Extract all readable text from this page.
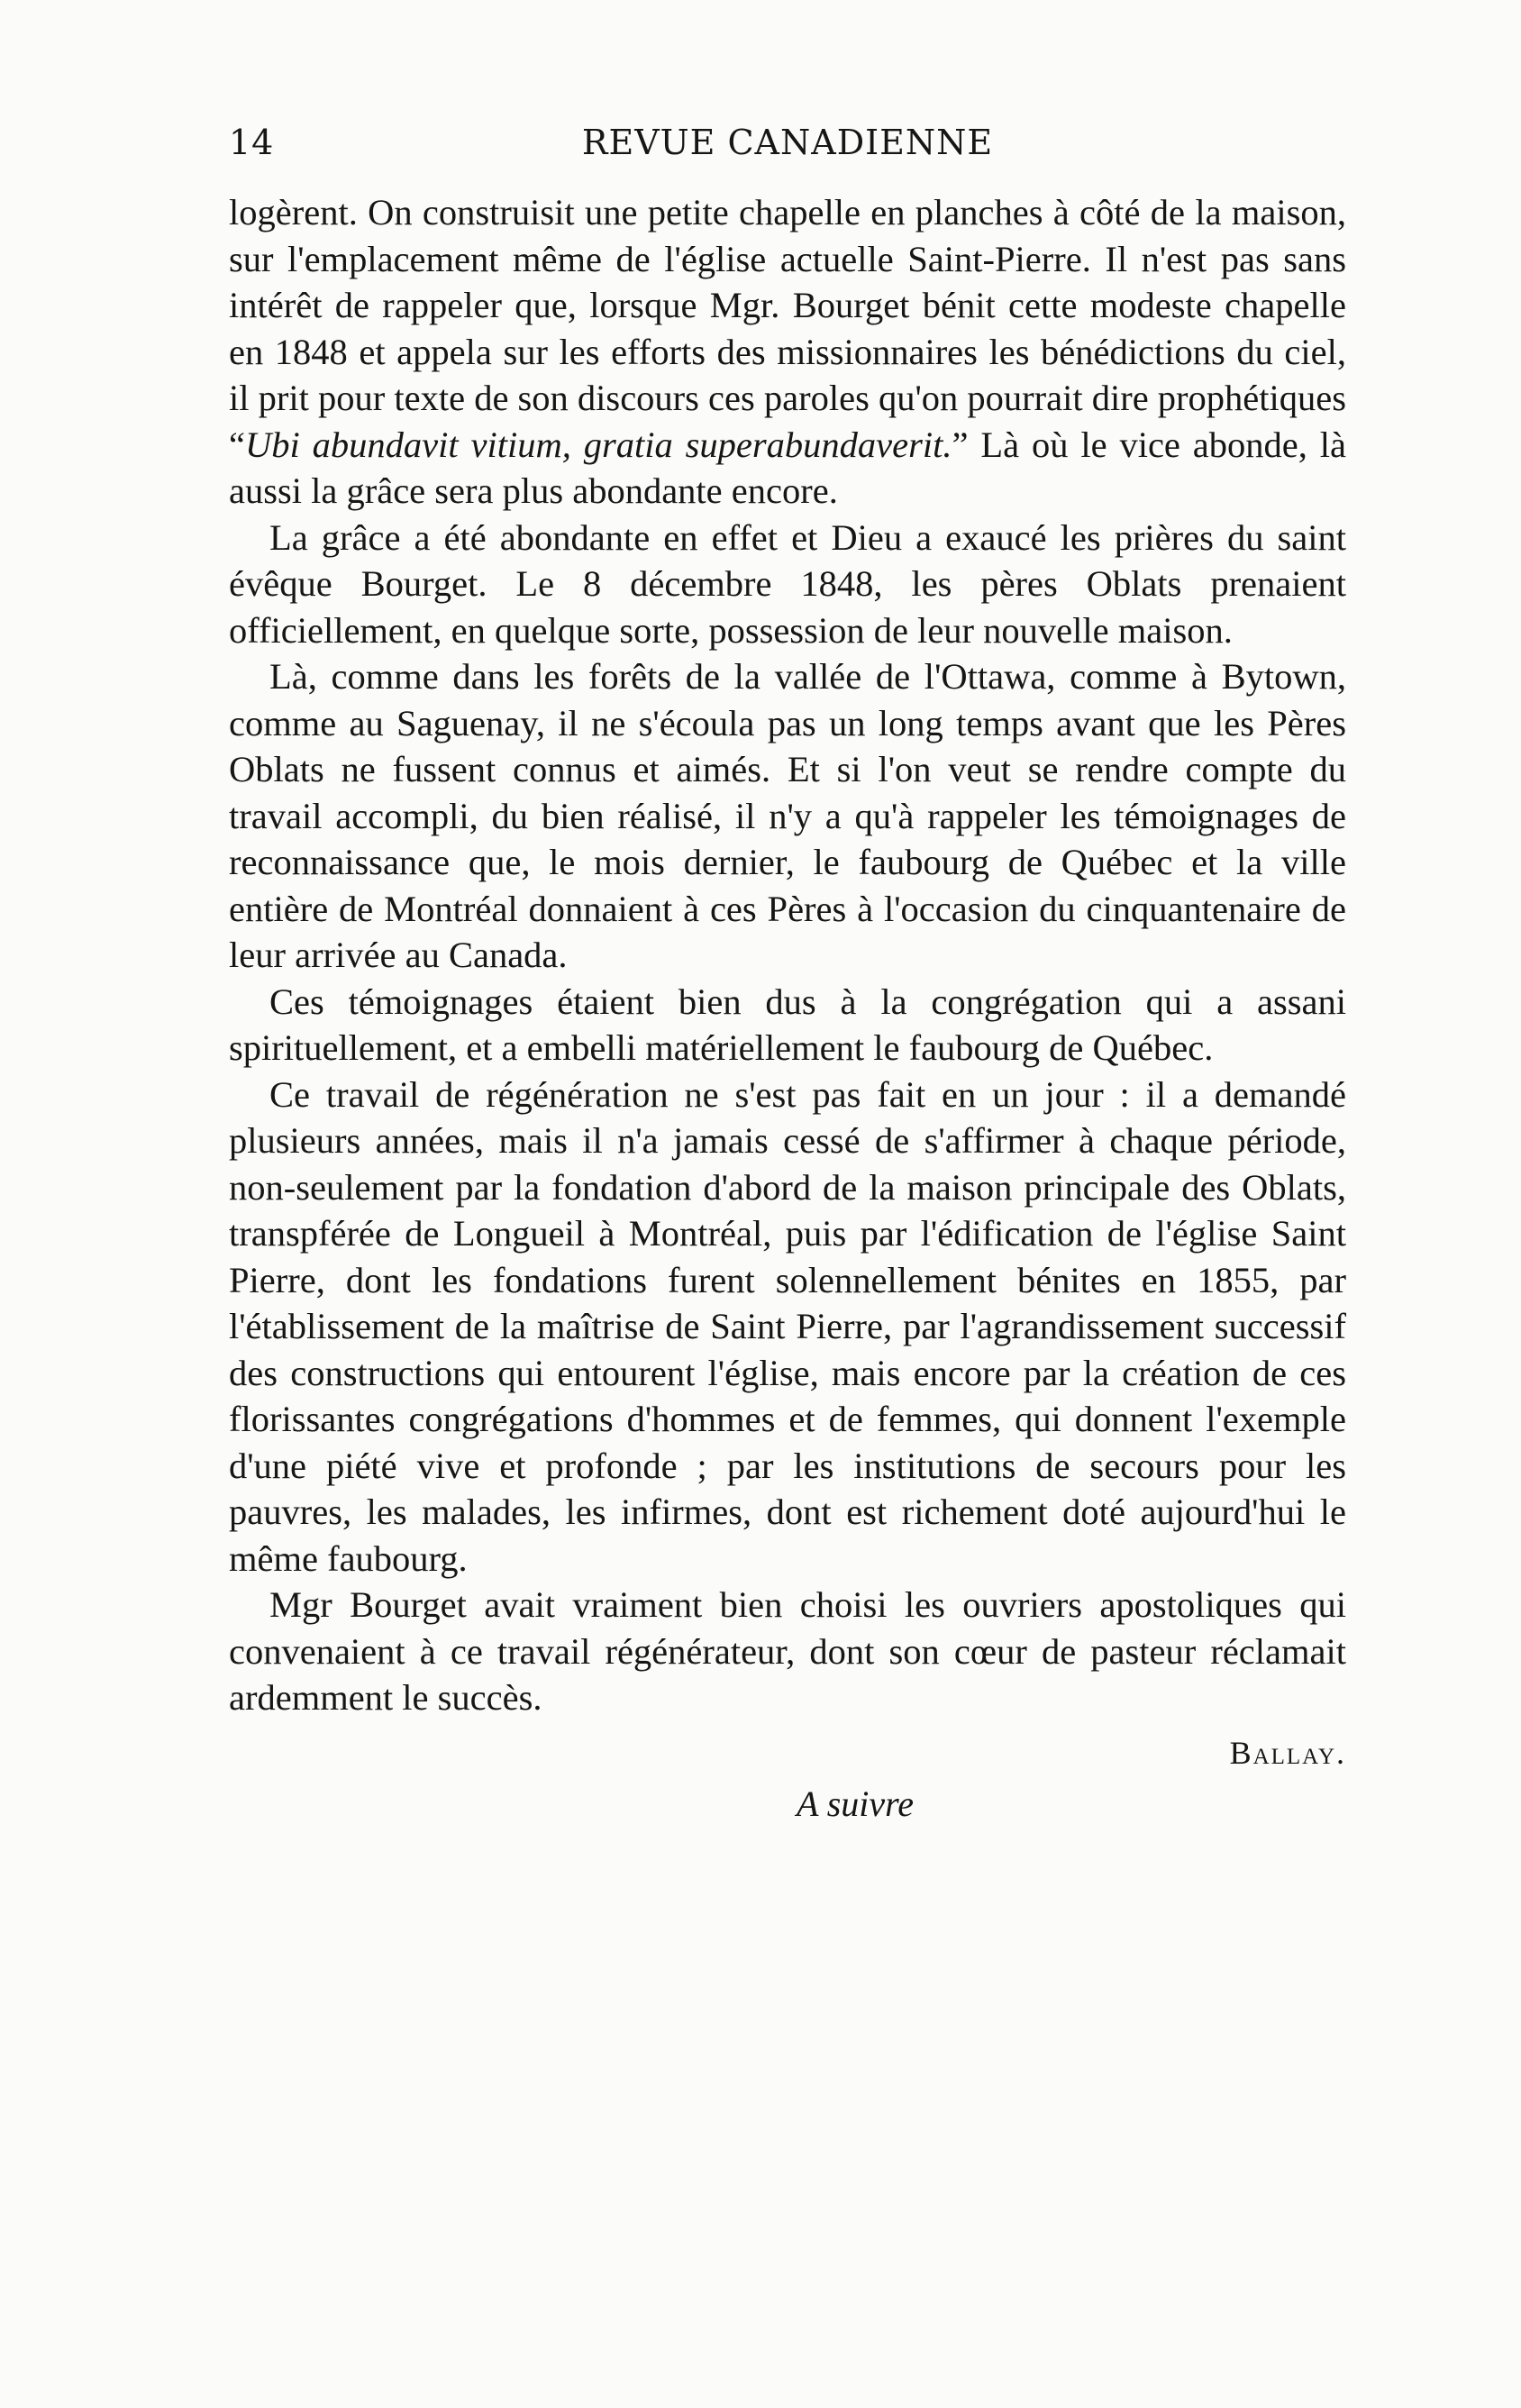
14	REVUE CANADIENNE

logèrent. On construisit une petite chapelle en planches à côté de la maison, sur l'emplacement même de l'église actuelle Saint-Pierre. Il n'est pas sans intérêt de rappeler que, lorsque Mgr. Bourget bénit cette modeste chapelle en 1848 et appela sur les efforts des missionnaires les bénédictions du ciel, il prit pour texte de son discours ces paroles qu'on pourrait dire prophétiques “Ubi abundavit vitium, gratia superabundaverit.” Là où le vice abonde, là aussi la grâce sera plus abondante encore.

La grâce a été abondante en effet et Dieu a exaucé les prières du saint évêque Bourget. Le 8 décembre 1848, les pères Oblats prenaient officiellement, en quelque sorte, possession de leur nouvelle maison.

Là, comme dans les forêts de la vallée de l'Ottawa, comme à Bytown, comme au Saguenay, il ne s'écoula pas un long temps avant que les Pères Oblats ne fussent connus et aimés. Et si l'on veut se rendre compte du travail accompli, du bien réalisé, il n'y a qu'à rappeler les témoignages de reconnaissance que, le mois dernier, le faubourg de Québec et la ville entière de Montréal donnaient à ces Pères à l'occasion du cinquantenaire de leur arrivée au Canada.

Ces témoignages étaient bien dus à la congrégation qui a assani spirituellement, et a embelli matériellement le faubourg de Québec.

Ce travail de régénération ne s'est pas fait en un jour : il a demandé plusieurs années, mais il n'a jamais cessé de s'affirmer à chaque période, non-seulement par la fondation d'abord de la maison principale des Oblats, transpférée de Longueil à Montréal, puis par l'édification de l'église Saint Pierre, dont les fondations furent solennellement bénites en 1855, par l'établissement de la maîtrise de Saint Pierre, par l'agrandissement successif des constructions qui entourent l'église, mais encore par la création de ces florissantes congrégations d'hommes et de femmes, qui donnent l'exemple d'une piété vive et profonde ; par les institutions de secours pour les pauvres, les malades, les infirmes, dont est richement doté aujourd'hui le même faubourg.

Mgr Bourget avait vraiment bien choisi les ouvriers apostoliques qui convenaient à ce travail régénérateur, dont son cœur de pasteur réclamait ardemment le succès.

Ballay.
A suivre
